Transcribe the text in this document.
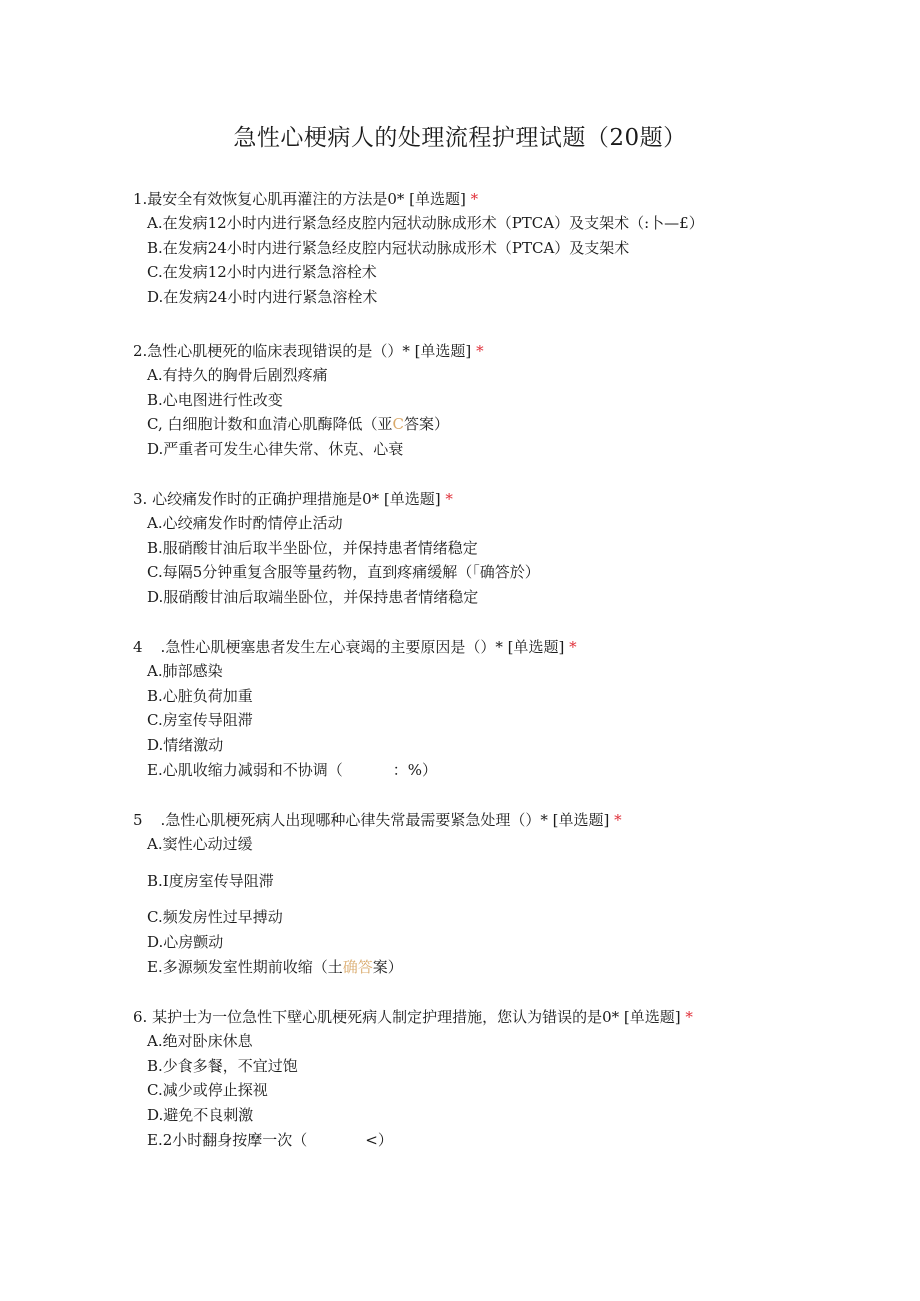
急性心梗病人的处理流程护理试题（20题）
1.最安全有效恢复心肌再灌注的方法是0* [单选题] *
A.在发病12小时内进行紧急经皮腔内冠状动脉成形术（PTCA）及支架术（:卜—£）
B.在发病24小时内进行紧急经皮腔内冠状动脉成形术（PTCA）及支架术
C.在发病12小时内进行紧急溶栓术
D.在发病24小时内进行紧急溶栓术
2.急性心肌梗死的临床表现错误的是（）* [单选题] *
A.有持久的胸骨后剧烈疼痛
B.心电图进行性改变
C, 白细胞计数和血清心肌酶降低（亚C答案）
D.严重者可发生心律失常、休克、心衰
3. 心绞痛发作时的正确护理措施是0* [单选题] *
A.心绞痛发作时酌情停止活动
B.服硝酸甘油后取半坐卧位，并保持患者情绪稳定
C.每隔5分钟重复含服等量药物，直到疼痛缓解（「确答於）
D.服硝酸甘油后取端坐卧位，并保持患者情绪稳定
4 .急性心肌梗塞患者发生左心衰竭的主要原因是（）* [单选题] *
A.肺部感染
B.心脏负荷加重
C.房室传导阻滞
D.情绪激动
E.心肌收缩力减弱和不协调（	：%）
5 .急性心肌梗死病人出现哪种心律失常最需要紧急处理（）* [单选题] *
A.窦性心动过缓
B.I度房室传导阻滞
C.频发房性过早搏动
D.心房颤动
E.多源频发室性期前收缩（土确答案）
6. 某护士为一位急性下壁心肌梗死病人制定护理措施，您认为错误的是0* [单选题] *
A.绝对卧床休息
B.少食多餐，不宜过饱
C.减少或停止探视
D.避免不良刺激
E.2小时翻身按摩一次（	<）
